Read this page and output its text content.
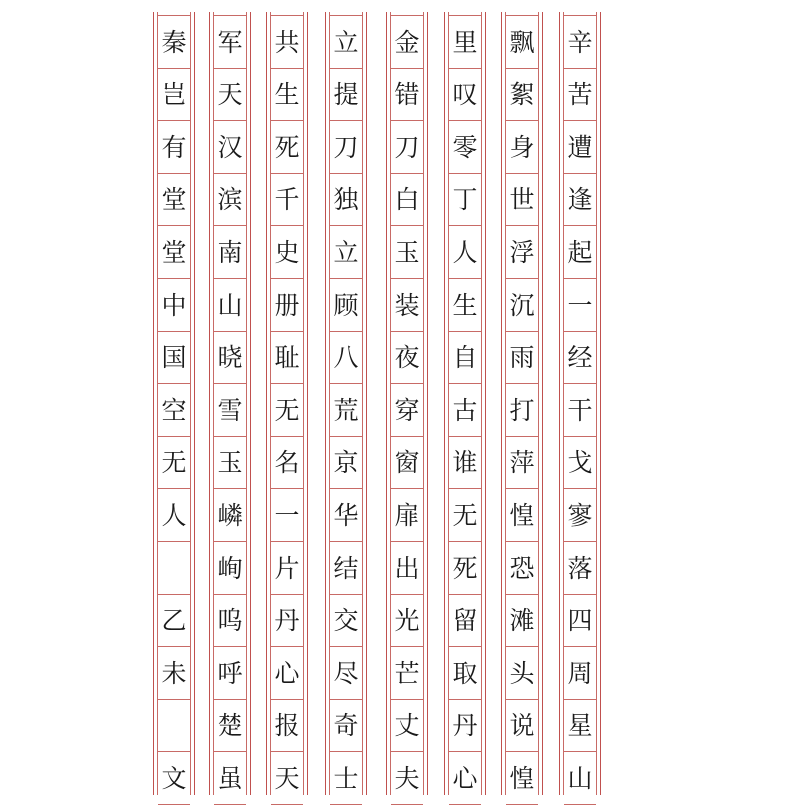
辛
苦
遭
逢
起
一
经
干
戈
寥
落
四
周
星
山
飘
絮
身
世
浮
沉
雨
打
萍
惶
恐
滩
头
说
惶
里
叹
零
丁
人
生
自
古
谁
无
死
留
取
丹
心
金
错
刀
白
玉
装
夜
穿
窗
扉
出
光
芒
丈
夫
立
提
刀
独
立
顾
八
荒
京
华
结
交
尽
奇
士
共
生
死
千
史
册
耻
无
名
一
片
丹
心
报
天
军
天
汉
滨
南
山
晓
雪
玉
嶙
峋
呜
呼
楚
虽
秦
岂
有
堂
堂
中
国
空
无
人
乙
未
文
